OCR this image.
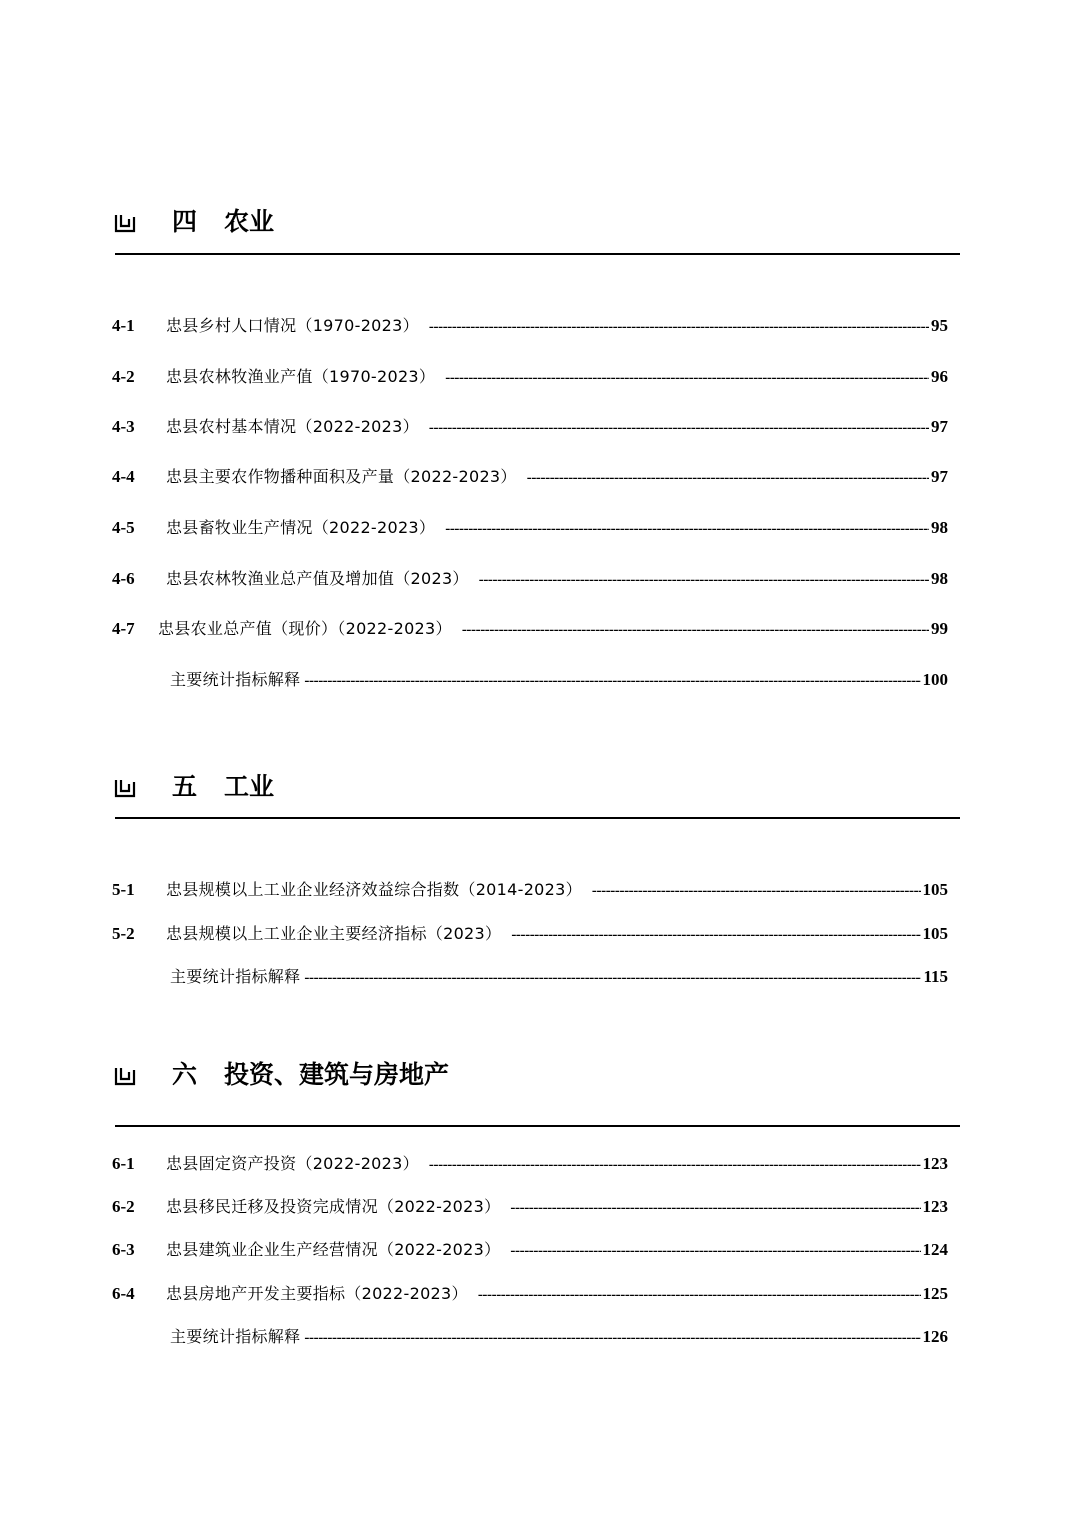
四 农业
4-1	忠县乡村人口情况（1970-2023） -----	95
4-2	忠县农林牧渔业产值（1970-2023） -----	96
4-3	忠县农村基本情况（2022-2023） -----	97
4-4	忠县主要农作物播种面积及产量（2022-2023） -----	97
4-5	忠县畜牧业生产情况（2022-2023） -----	98
4-6	忠县农林牧渔业总产值及增加值（2023） -----	98
4-7	忠县农业总产值（现价）（2022-2023） -----	99
主要统计指标解释 -----	100
五 工业
5-1	忠县规模以上工业企业经济效益综合指数（2014-2023） -----	105
5-2	忠县规模以上工业企业主要经济指标（2023） -----	105
主要统计指标解释 -----	115
六 投资、建筑与房地产
6-1	忠县固定资产投资（2022-2023） -----	123
6-2	忠县移民迁移及投资完成情况（2022-2023） -----	123
6-3	忠县建筑业企业生产经营情况（2022-2023） -----	124
6-4	忠县房地产开发主要指标（2022-2023） -----	125
主要统计指标解释 -----	126
